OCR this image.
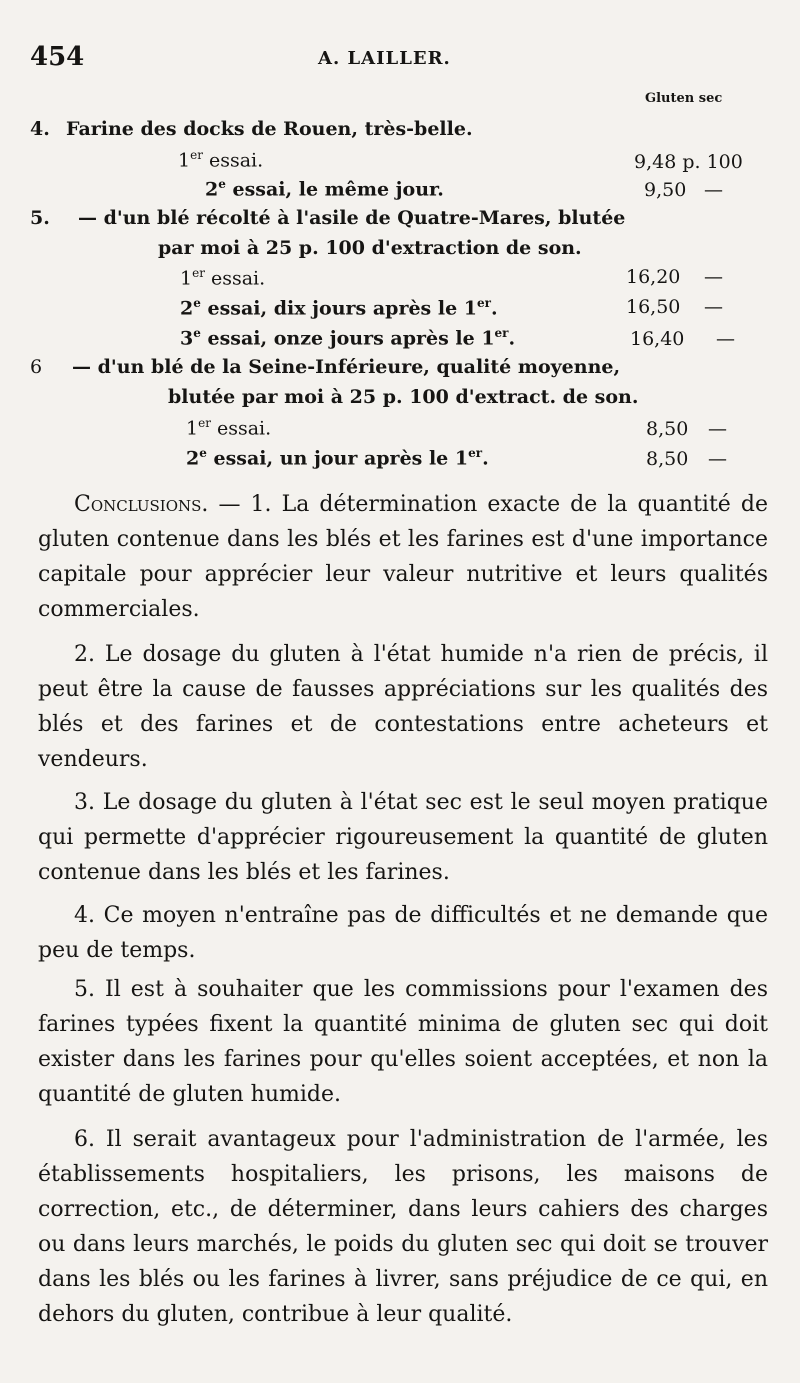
454	A. LAILLER.
Gluten sec
4. Farine des docks de Rouen, très-belle.
1er essai.	9,48 p. 100
2e essai, le même jour.	9,50 —
5. — d'un blé récolté à l'asile de Quatre-Mares, blutée
par moi à 25 p. 100 d'extraction de son.
1er essai.	16,20 —
2e essai, dix jours après le 1er.	16,50 —
3e essai, onze jours après le 1er.	16,40 —
6 — d'un blé de la Seine-Inférieure, qualité moyenne,
blutée par moi à 25 p. 100 d'extract. de son.
1er essai.	8,50 —
2e essai, un jour après le 1er.	8,50 —
Conclusions. — 1. La détermination exacte de la quantité de gluten contenue dans les blés et les farines est d'une importance capitale pour apprécier leur valeur nutritive et leurs qualités commerciales.
2. Le dosage du gluten à l'état humide n'a rien de précis, il peut être la cause de fausses appréciations sur les qualités des blés et des farines et de contestations entre acheteurs et vendeurs.
3. Le dosage du gluten à l'état sec est le seul moyen pratique qui permette d'apprécier rigoureusement la quantité de gluten contenue dans les blés et les farines.
4. Ce moyen n'entraîne pas de difficultés et ne demande que peu de temps.
5. Il est à souhaiter que les commissions pour l'examen des farines typées fixent la quantité minima de gluten sec qui doit exister dans les farines pour qu'elles soient acceptées, et non la quantité de gluten humide.
6. Il serait avantageux pour l'administration de l'armée, les établissements hospitaliers, les prisons, les maisons de correction, etc., de déterminer, dans leurs cahiers des charges ou dans leurs marchés, le poids du gluten sec qui doit se trouver dans les blés ou les farines à livrer, sans préjudice de ce qui, en dehors du gluten, contribue à leur qualité.
